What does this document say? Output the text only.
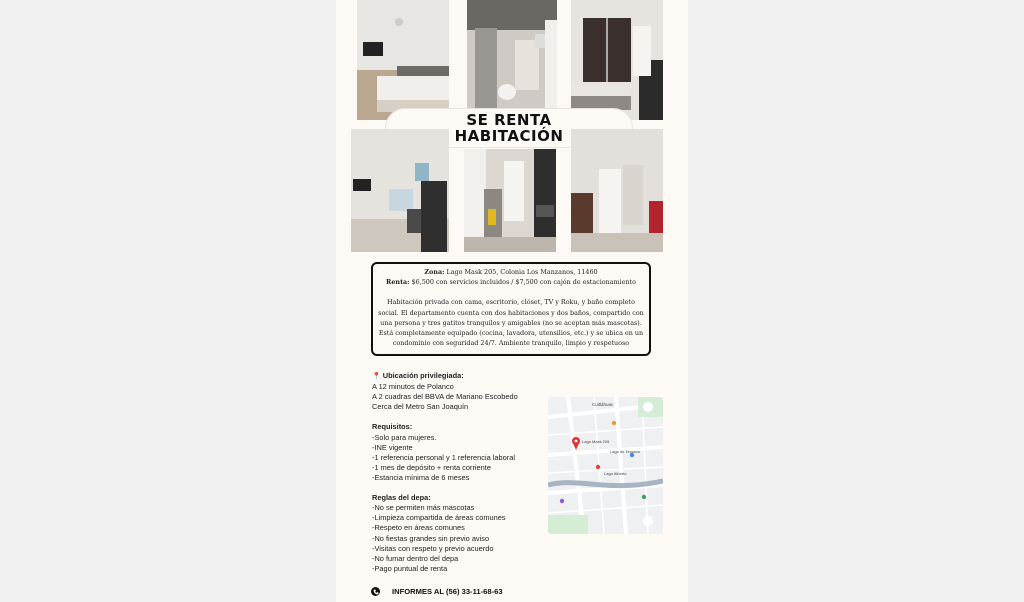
SE RENTA
HABITACIÓN

Zona: Lago Mask 205, Colonia Los Manzanos, 11460

Renta: $6,500 con servicios incluidos / $7,500 con cajón de estacionamiento

Habitación privada con cama, escritorio, clóset, TV y Roku, y baño completo social. El departamento cuenta con dos habitaciones y dos baños, compartido con una persona y tres gatitos tranquilos y amigables (no se aceptan más mascotas). Está completamente equipado (cocina, lavadora, utensilios, etc.) y se ubica en un condominio con seguridad 24/7. Ambiente tranquilo, limpio y respetuoso

📍 Ubicación privilegiada:
A 12 minutos de Polanco
A 2 cuadras del BBVA de Mariano Escobedo
Cerca del Metro San Joaquín
Requisitos:
-Solo para mujeres.
-INE vigente
-1 referencia personal y 1 referencia laboral
-1 mes de depósito + renta corriente
-Estancia mínima de 6 meses
Reglas del depa:
-No se permiten más mascotas
-Limpieza compartida de áreas comunes
-Respeto en áreas comunes
-No fiestas grandes sin previo aviso
-Visitas con respeto y previo acuerdo
-No fumar dentro del depa
-Pago puntual de renta
Cuitláhuac
Lago Mask 205
Lago Alberto
Lago de Texcoco
INFORMES AL (56) 33-11-68-63
